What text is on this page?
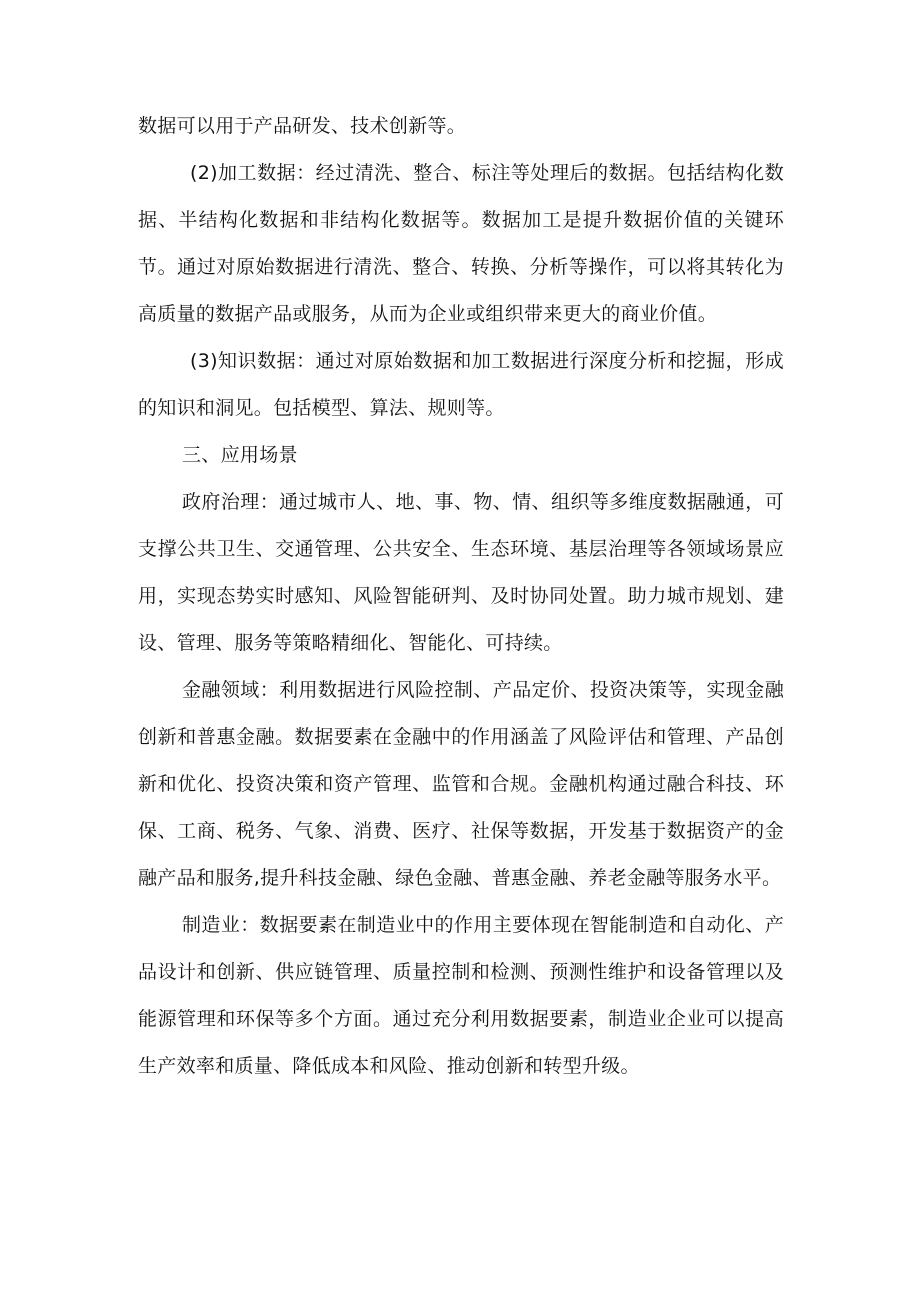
数据可以用于产品研发、技术创新等。

(2)加工数据：经过清洗、整合、标注等处理后的数据。包括结构化数据、半结构化数据和非结构化数据等。数据加工是提升数据价值的关键环节。通过对原始数据进行清洗、整合、转换、分析等操作，可以将其转化为高质量的数据产品或服务，从而为企业或组织带来更大的商业价值。

(3)知识数据：通过对原始数据和加工数据进行深度分析和挖掘，形成的知识和洞见。包括模型、算法、规则等。

三、应用场景

政府治理：通过城市人、地、事、物、情、组织等多维度数据融通，可支撑公共卫生、交通管理、公共安全、生态环境、基层治理等各领域场景应用，实现态势实时感知、风险智能研判、及时协同处置。助力城市规划、建设、管理、服务等策略精细化、智能化、可持续。

金融领域：利用数据进行风险控制、产品定价、投资决策等，实现金融创新和普惠金融。数据要素在金融中的作用涵盖了风险评估和管理、产品创新和优化、投资决策和资产管理、监管和合规。金融机构通过融合科技、环保、工商、税务、气象、消费、医疗、社保等数据，开发基于数据资产的金融产品和服务,提升科技金融、绿色金融、普惠金融、养老金融等服务水平。

制造业：数据要素在制造业中的作用主要体现在智能制造和自动化、产品设计和创新、供应链管理、质量控制和检测、预测性维护和设备管理以及能源管理和环保等多个方面。通过充分利用数据要素，制造业企业可以提高生产效率和质量、降低成本和风险、推动创新和转型升级。
